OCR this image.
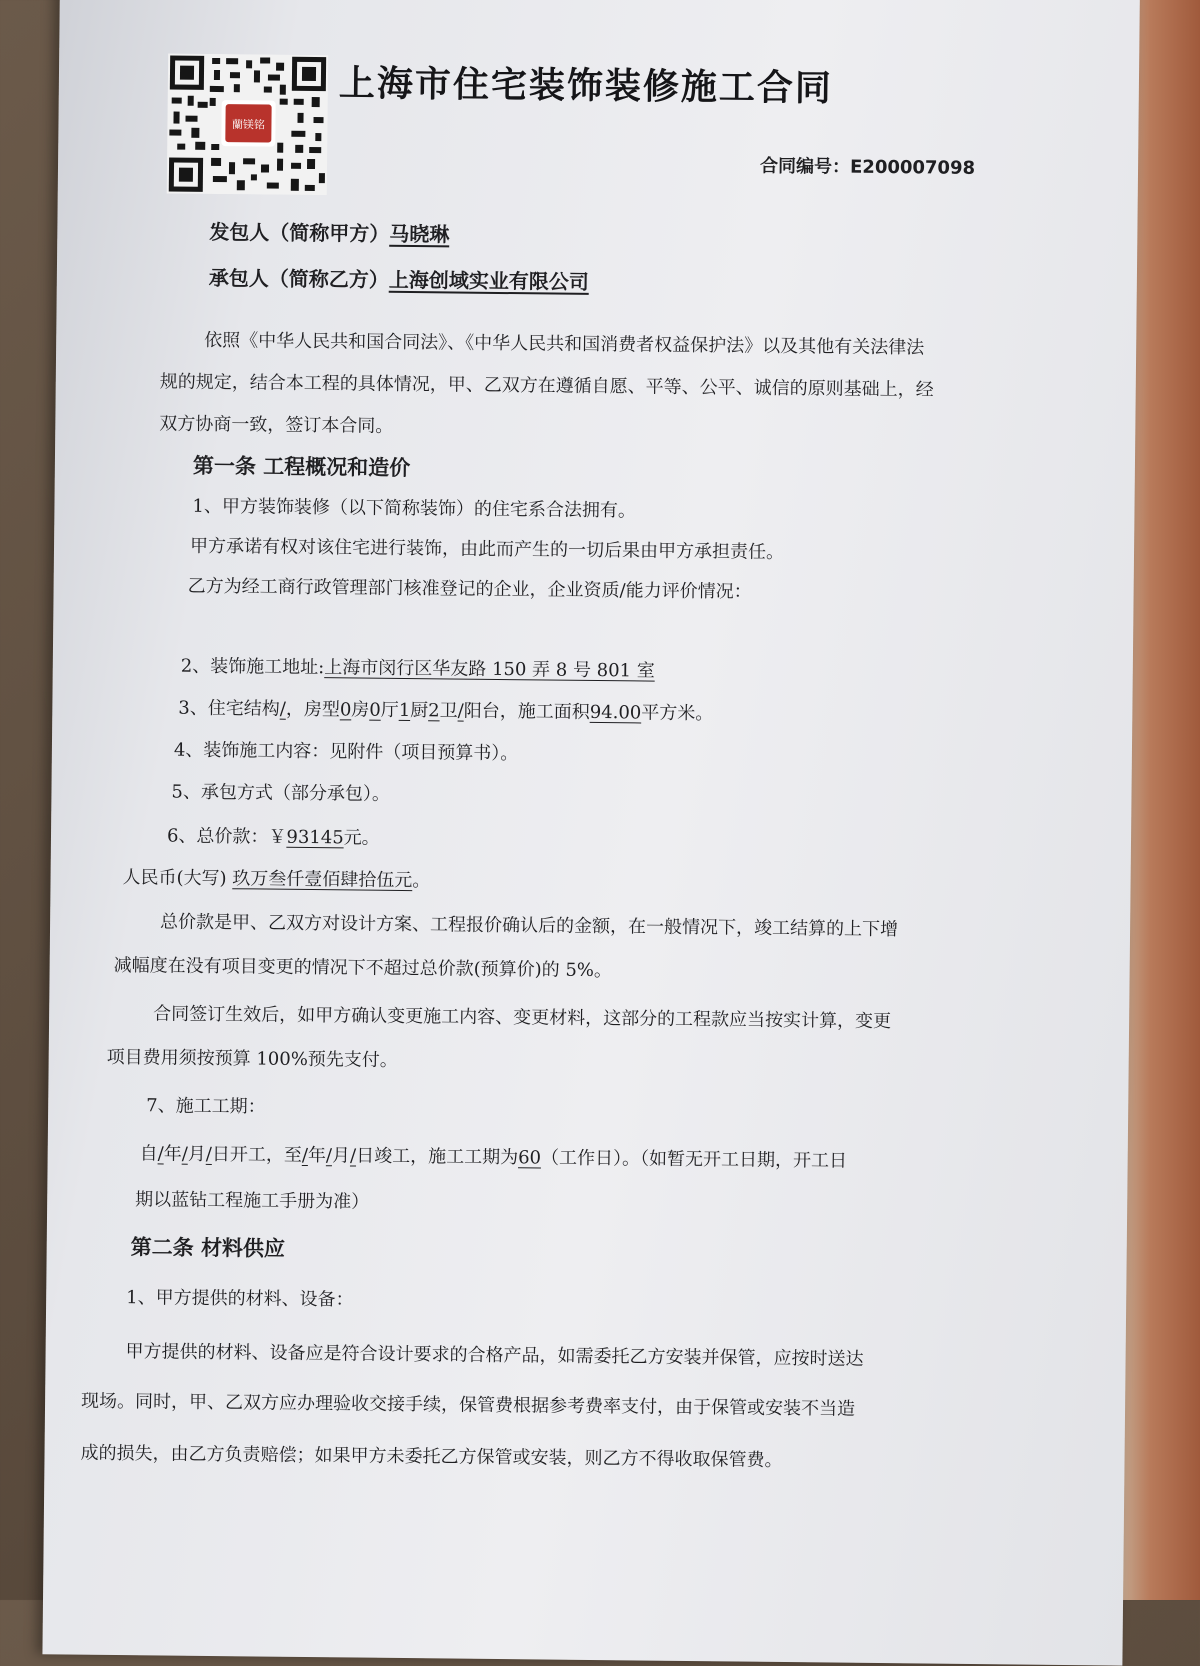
蘭镁铭
上海市住宅装饰装修施工合同
合同编号：E200007098
发包人（简称甲方）马晓琳
承包人（简称乙方）上海创域实业有限公司
依照《中华人民共和国合同法》、《中华人民共和国消费者权益保护法》以及其他有关法律法
规的规定，结合本工程的具体情况，甲、乙双方在遵循自愿、平等、公平、诚信的原则基础上，经
双方协商一致，签订本合同。
第一条 工程概况和造价
1、甲方装饰装修（以下简称装饰）的住宅系合法拥有。
甲方承诺有权对该住宅进行装饰，由此而产生的一切后果由甲方承担责任。
乙方为经工商行政管理部门核准登记的企业，企业资质/能力评价情况：
2、装饰施工地址:上海市闵行区华友路 150 弄 8 号 801 室
3、住宅结构/，房型0房0厅1厨2卫/阳台，施工面积94.00平方米。
4、装饰施工内容：见附件（项目预算书）。
5、承包方式（部分承包）。
6、总价款：￥93145元。
人民币(大写) 玖万叁仟壹佰肆拾伍元。
总价款是甲、乙双方对设计方案、工程报价确认后的金额，在一般情况下，竣工结算的上下增
减幅度在没有项目变更的情况下不超过总价款(预算价)的 5%。
合同签订生效后，如甲方确认变更施工内容、变更材料，这部分的工程款应当按实计算，变更
项目费用须按预算 100%预先支付。
7、施工工期：
自/年/月/日开工，至/年/月/日竣工，施工工期为60（工作日）。（如暂无开工日期，开工日
期以蓝钻工程施工手册为准）
第二条 材料供应
1、甲方提供的材料、设备：
甲方提供的材料、设备应是符合设计要求的合格产品，如需委托乙方安装并保管，应按时送达
现场。同时，甲、乙双方应办理验收交接手续，保管费根据参考费率支付，由于保管或安装不当造
成的损失，由乙方负责赔偿；如果甲方未委托乙方保管或安装，则乙方不得收取保管费。
